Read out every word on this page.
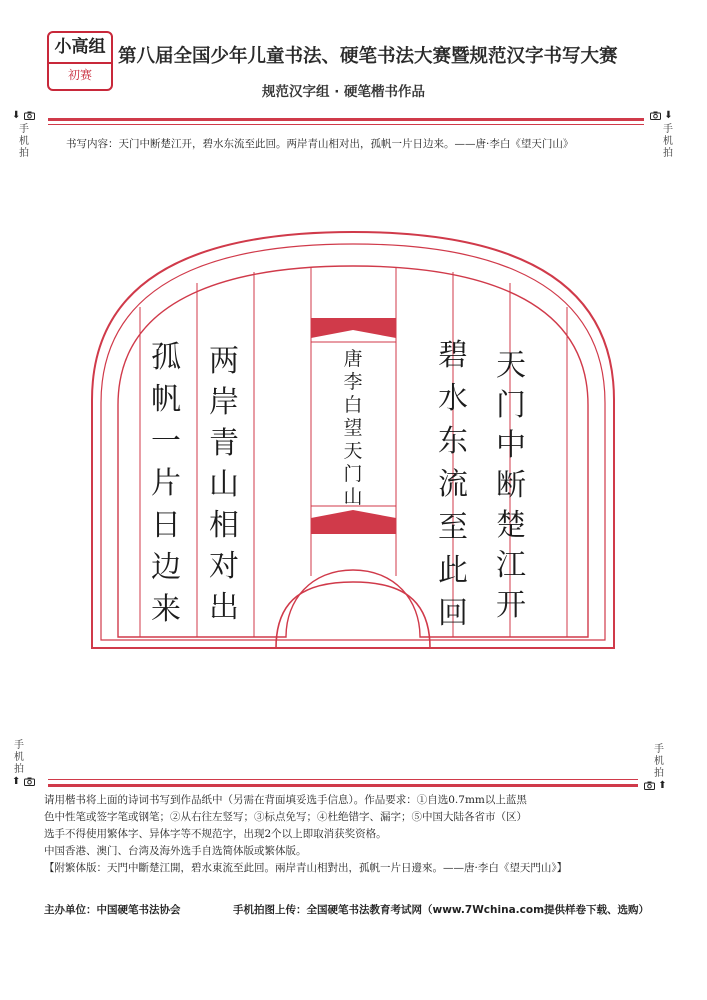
小高组
初赛
第八届全国少年儿童书法、硬笔书法大赛暨规范汉字书写大赛
规范汉字组 · 硬笔楷书作品
⬇
手机拍
⬇
手机拍
书写内容：天门中断楚江开，碧水东流至此回。两岸青山相对出，孤帆一片日边来。——唐·李白《望天门山》
手机拍
⬆
手机拍
⬆
请用楷书将上面的诗词书写到作品纸中（另需在背面填妥选手信息）。作品要求：①自选0.7mm以上蓝黑
色中性笔或签字笔或钢笔；②从右往左竖写；③标点免写；④杜绝错字、漏字；⑤中国大陆各省市（区）
选手不得使用繁体字、异体字等不规范字，出现2个以上即取消获奖资格。
中国香港、澳门、台湾及海外选手自选简体版或繁体版。
【附繁体版：天門中斷楚江開，碧水東流至此回。兩岸青山相對出，孤帆一片日邊來。——唐·李白《望天門山》】
主办单位：中国硬笔书法协会	手机拍图上传：全国硬笔书法教育考试网（www.7Wchina.com提供样卷下载、选购）
天
门
中
断
楚
江
开
碧
水
东
流
至
此
回
唐
李
白
望
天
门
山
两
岸
青
山
相
对
出
孤
帆
一
片
日
边
来
